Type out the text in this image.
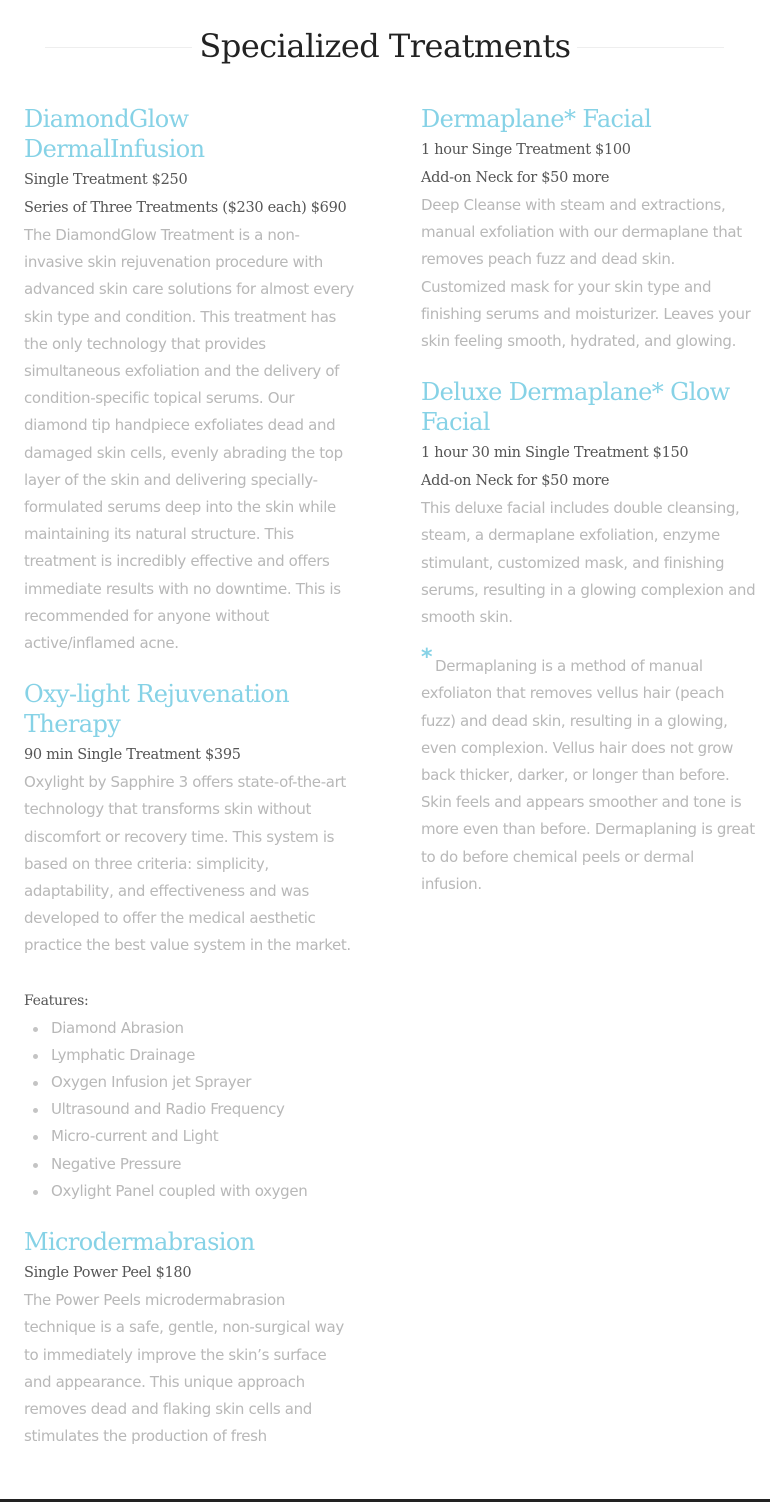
Specialized Treatments
DiamondGlow
DermalInfusion

Single Treatment $250

Series of Three Treatments ($230 each) $690

The DiamondGlow Treatment is a non-invasive skin rejuvenation procedure with advanced skin care solutions for almost every skin type and condition. This treatment has the only technology that provides simultaneous exfoliation and the delivery of condition-specific topical serums. Our diamond tip handpiece exfoliates dead and damaged skin cells, evenly abrading the top layer of the skin and delivering specially-formulated serums deep into the skin while maintaining its natural structure. This treatment is incredibly effective and offers immediate results with no downtime. This is recommended for anyone without active/inflamed acne.

Oxy-light Rejuvenation
Therapy

90 min Single Treatment $395

Oxylight by Sapphire 3 offers state-of-the-art technology that transforms skin without discomfort or recovery time. This system is based on three criteria: simplicity, adaptability, and effectiveness and was developed to offer the medical aesthetic practice the best value system in the market.

Features:

Diamond Abrasion
Lymphatic Drainage
Oxygen Infusion jet Sprayer
Ultrasound and Radio Frequency
Micro-current and Light
Negative Pressure
Oxylight Panel coupled with oxygen
Microdermabrasion

Single Power Peel $180

The Power Peels microdermabrasion technique is a safe, gentle, non-surgical way to immediately improve the skin’s surface and appearance. This unique approach removes dead and flaking skin cells and stimulates the production of fresh

Dermaplane* Facial

1 hour Singe Treatment $100

Add-on Neck for $50 more

Deep Cleanse with steam and extractions, manual exfoliation with our dermaplane that removes peach fuzz and dead skin. Customized mask for your skin type and finishing serums and moisturizer. Leaves your skin feeling smooth, hydrated, and glowing.

Deluxe Dermaplane* Glow
Facial

1 hour 30 min Single Treatment $150

Add-on Neck for $50 more

This deluxe facial includes double cleansing, steam, a dermaplane exfoliation, enzyme stimulant, customized mask, and finishing serums, resulting in a glowing complexion and smooth skin.

* Dermaplaning is a method of manual exfoliaton that removes vellus hair (peach fuzz) and dead skin, resulting in a glowing, even complexion. Vellus hair does not grow back thicker, darker, or longer than before. Skin feels and appears smoother and tone is more even than before. Dermaplaning is great to do before chemical peels or dermal infusion.
